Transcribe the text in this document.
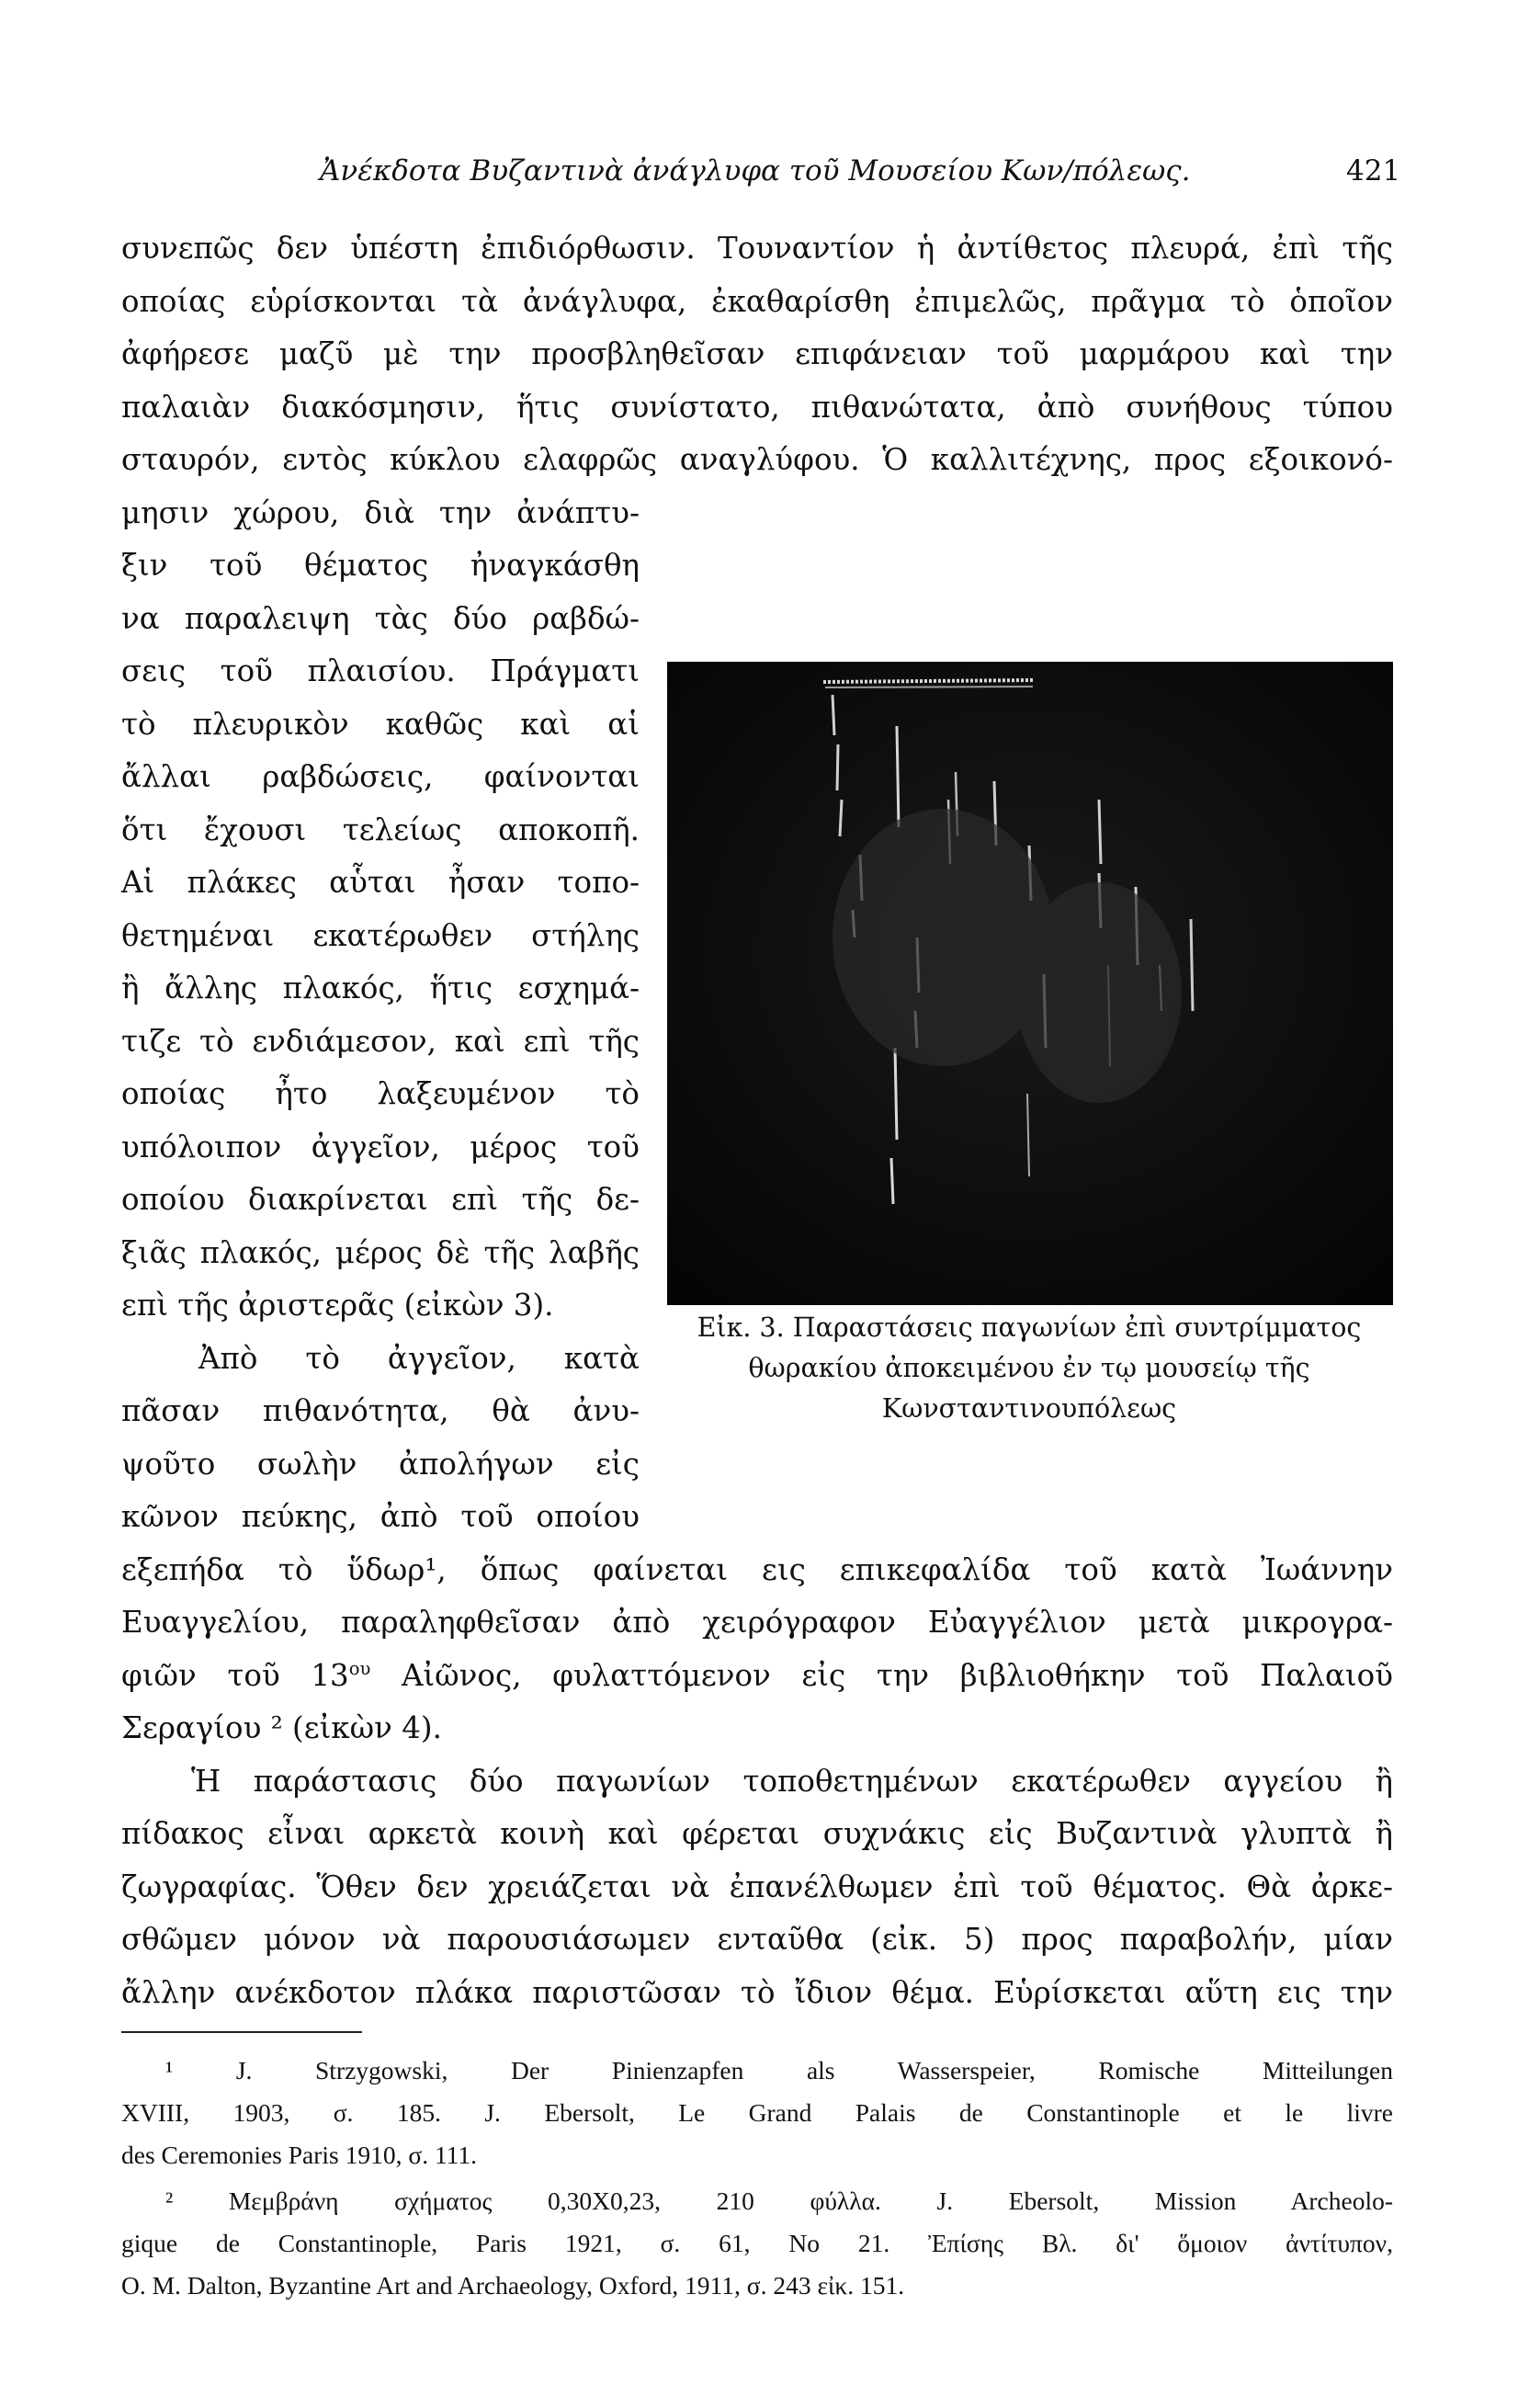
Ἀνέκδοτα Βυζαντινὰ ἀνάγλυφα τοῦ Μουσείου Κων/πόλεως.	421
συνεπῶς δεν ὑπέστη ἐπιδιόρθωσιν. Τουναντίον ἡ ἀντίθετος πλευρά, ἐπὶ τῆς
οποίας εὑρίσκονται τὰ ἀνάγλυφα, ἐκαθαρίσθη ἐπιμελῶς, πρᾶγμα τὸ ὁποῖον
ἀφήρεσε μαζῦ μὲ την προσβληθεῖσαν επιφάνειαν τοῦ μαρμάρου καὶ την
παλαιὰν διακόσμησιν, ἥτις συνίστατο, πιθανώτατα, ἀπὸ συνήθους τύπου
σταυρόν, εντὸς κύκλου ελαφρῶς αναγλύφου. Ὁ καλλιτέχνης, προς εξοικονό-
μησιν χώρου, διὰ την ἀνάπτυ-
ξιν τοῦ θέματος ἠναγκάσθη
να παραλειψη τὰς δύο ραβδώ-
σεις τοῦ πλαισίου. Πράγματι
τὸ πλευρικὸν καθῶς καὶ αἱ
ἄλλαι ραβδώσεις, φαίνονται
ὅτι ἔχουσι τελείως αποκοπῆ.
Αἱ πλάκες αὗται ἦσαν τοπο-
θετημέναι εκατέρωθεν στήλης
ἢ ἄλλης πλακός, ἥτις εσχημά-
τιζε τὸ ενδιάμεσον, καὶ επὶ τῆς
οποίας ἦτο λαξευμένον τὸ
υπόλοιπον ἀγγεῖον, μέρος τοῦ
οποίου διακρίνεται επὶ τῆς δε-
ξιᾶς πλακός, μέρος δὲ τῆς λαβῆς
επὶ τῆς ἀριστερᾶς (εἰκὼν 3).
Ἀπὸ τὸ ἀγγεῖον, κατὰ
πᾶσαν πιθανότητα, θὰ ἀνυ-
ψοῦτο σωλὴν ἀπολήγων εἰς
κῶνον πεύκης, ἀπὸ τοῦ οποίου
Εἰκ. 3. Παραστάσεις παγωνίων ἐπὶ συντρίμματος
θωρακίου ἀποκειμένου ἐν τῳ μουσείῳ τῆς
Κωνσταντινουπόλεως
εξεπήδα τὸ ὕδωρ¹, ὅπως φαίνεται εις επικεφαλίδα τοῦ κατὰ Ἰωάννην
Ευαγγελίου, παραληφθεῖσαν ἀπὸ χειρόγραφον Εὐαγγέλιον μετὰ μικρογρα-
φιῶν τοῦ $13^{o\upsilon}$ Αἰῶνος, φυλαττόμενον εἰς την βιβλιοθήκην τοῦ Παλαιοῦ
Σεραγίου ² (εἰκὼν 4).
Ἡ παράστασις δύο παγωνίων τοποθετημένων εκατέρωθεν αγγείου ἢ
πίδακος εἶναι αρκετὰ κοινὴ καὶ φέρεται συχνάκις εἰς Βυζαντινὰ γλυπτὰ ἢ
ζωγραφίας. Ὅθεν δεν χρειάζεται νὰ ἐπανέλθωμεν ἐπὶ τοῦ θέματος. Θὰ ἀρκε-
σθῶμεν μόνον νὰ παρουσιάσωμεν ενταῦθα (εἰκ. 5) προς παραβολήν, μίαν
ἄλλην ανέκδοτον πλάκα παριστῶσαν τὸ ἴδιον θέμα. Εὑρίσκεται αὕτη εις την
¹ J. Strzygowski, Der Pinienzapfen als Wasserspeier, Romische Mitteilungen
XVIII, 1903, σ. 185. J. Ebersolt, Le Grand Palais de Constantinople et le livre
des Ceremonies Paris 1910, σ. 111.
² Μεμβράνη σχήματος 0,30Χ0,23, 210 φύλλα. J. Ebersolt, Mission Archeolo-
gique de Constantinople, Paris 1921, σ. 61, No 21. Ἐπίσης Βλ. δι' ὅμοιον ἀντίτυπον,
O. M. Dalton, Byzantine Art and Archaeology, Oxford, 1911, σ. 243 εἰκ. 151.
